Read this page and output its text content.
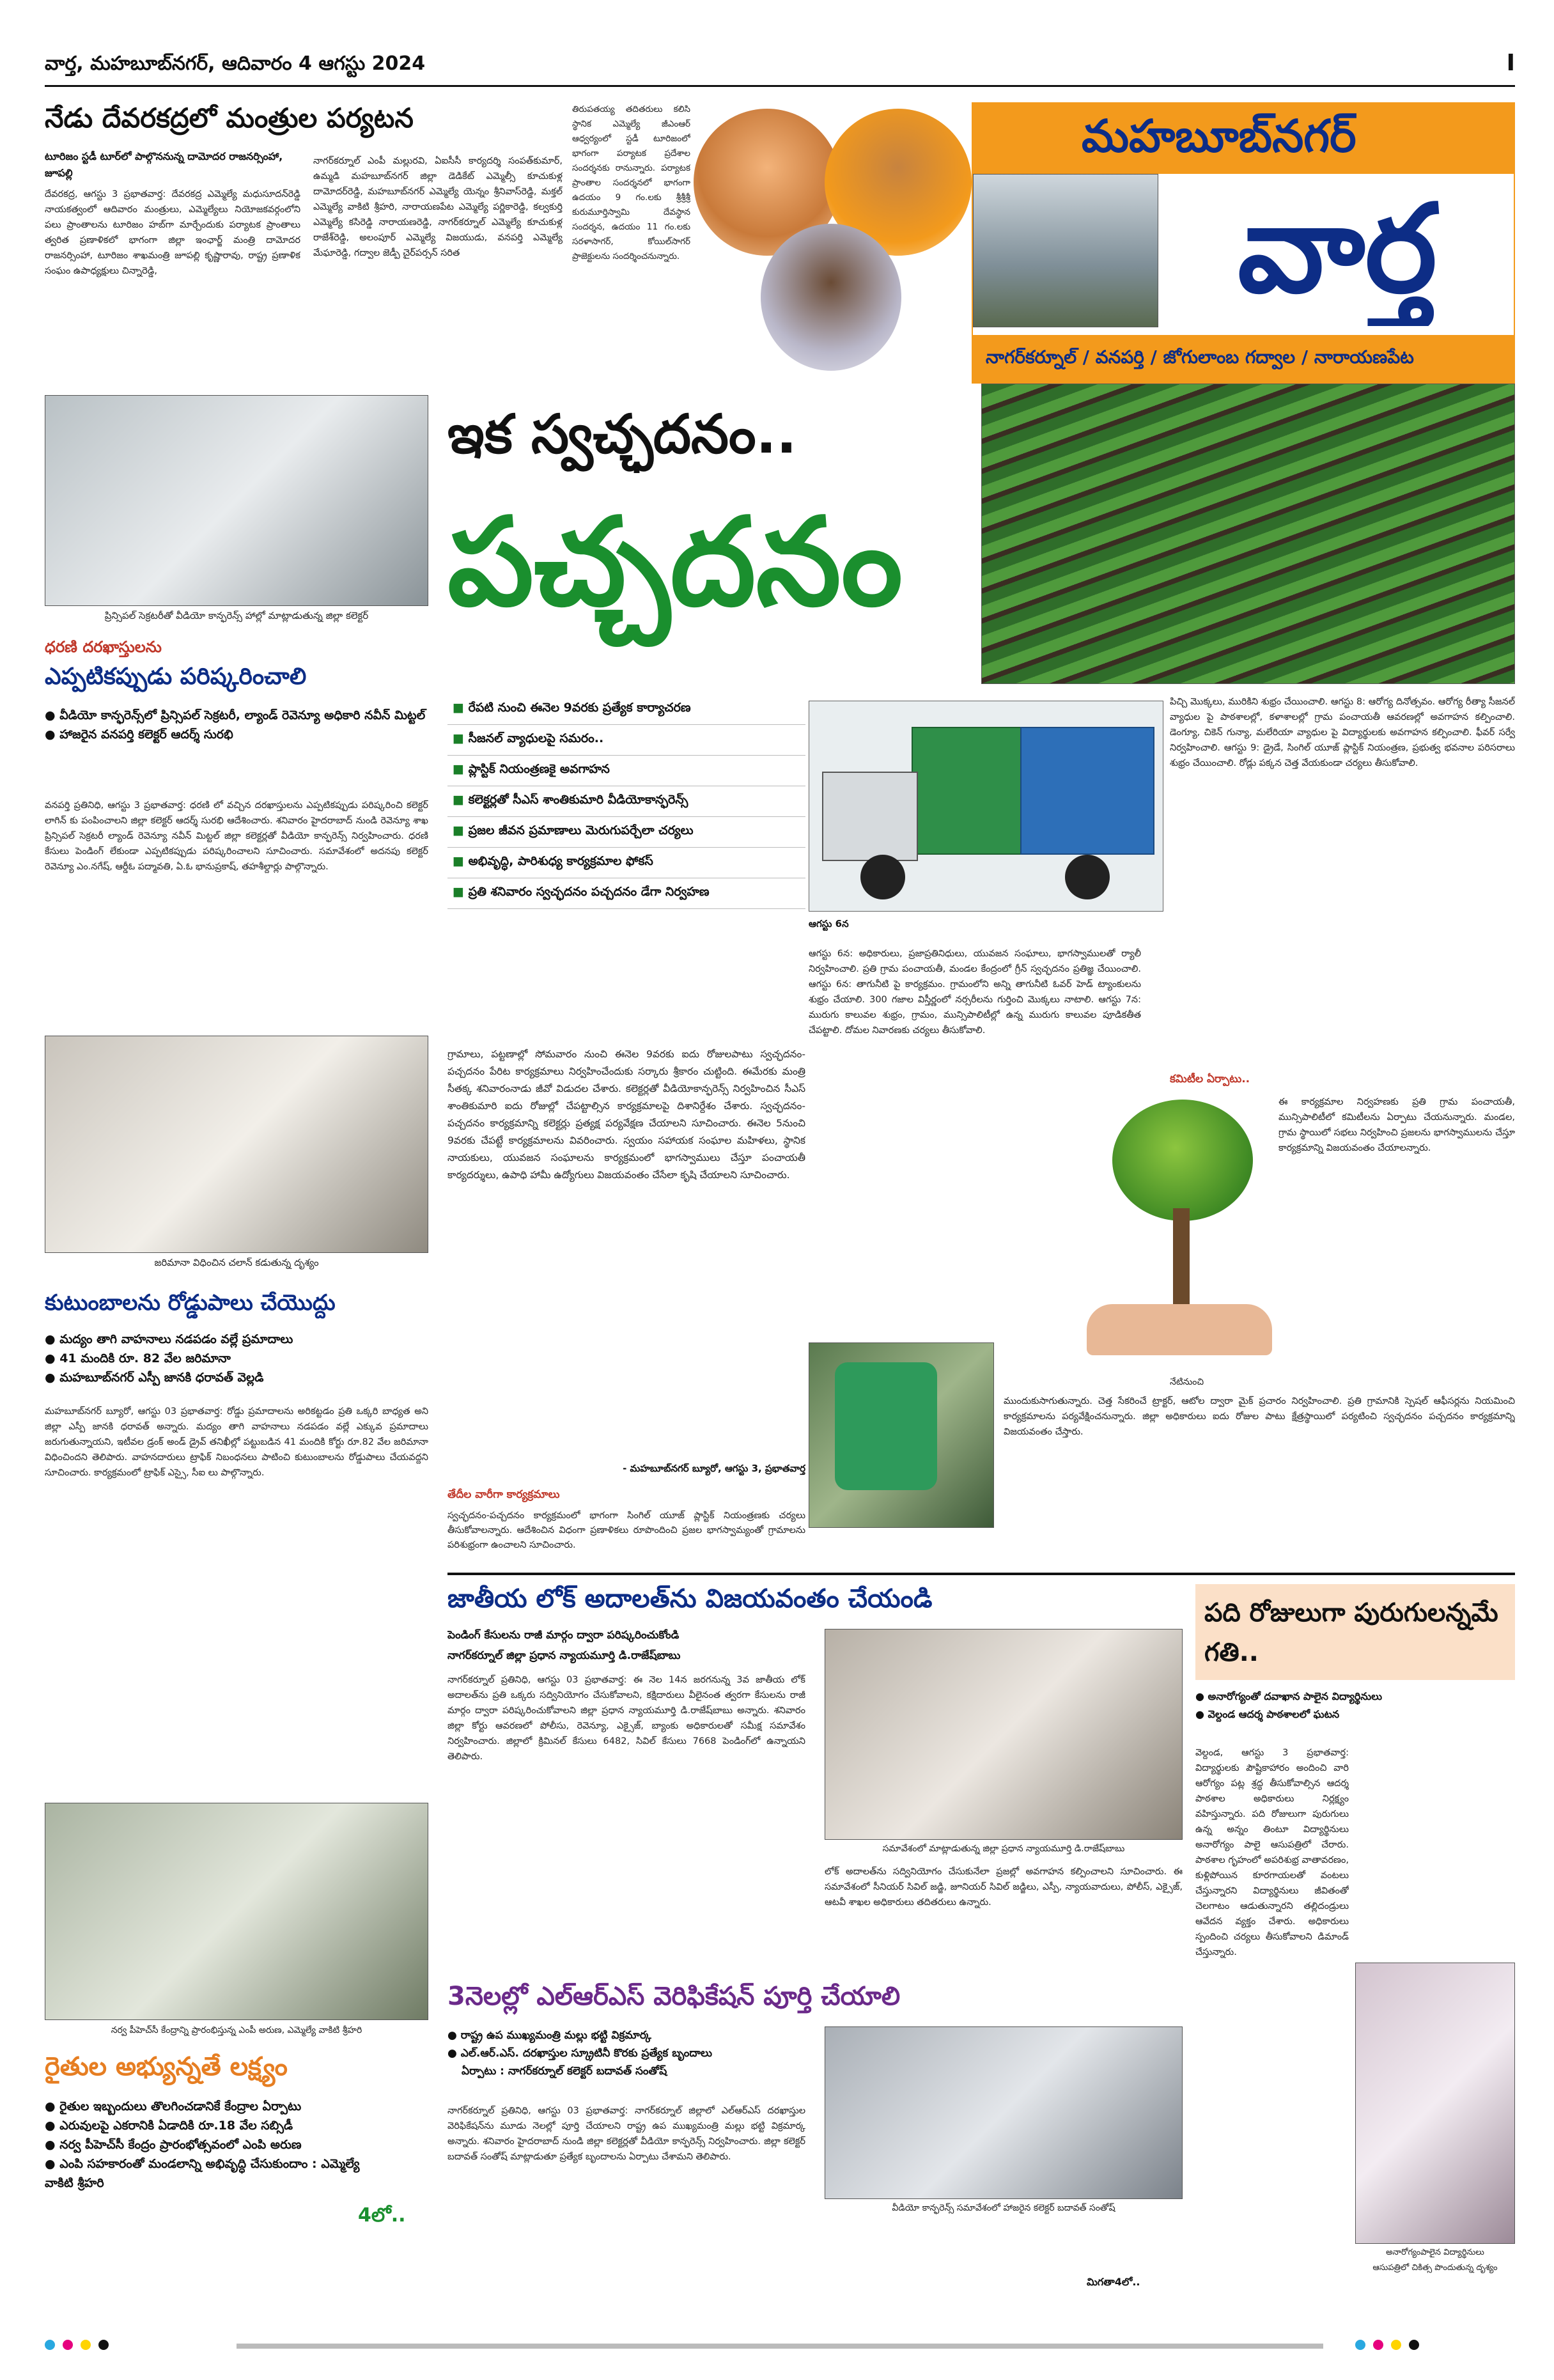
వార్త, మహబూబ్‌నగర్, ఆదివారం 4 ఆగస్టు 2024	I
నేడు దేవరకద్రలో మంత్రుల పర్యటన
టూరిజం స్టడీ టూర్‌లో పాల్గొననున్న దామోదర రాజనర్సింహా, జూపల్లి
దేవరకద్ర, ఆగస్టు 3 ప్రభాతవార్త: దేవరకద్ర ఎమ్మెల్యే మధుసూదన్‌రెడ్డి నాయకత్వంలో ఆదివారం మంత్రులు, ఎమ్మెల్యేలు నియోజకవర్గంలోని పలు ప్రాంతాలను టూరిజం హబ్‌గా మార్చేందుకు పర్యాటక ప్రాంతాలు త్వరిత ప్రణాళికలో భాగంగా జిల్లా ఇంఛార్జ్ మంత్రి దామోదర రాజనర్సింహా, టూరిజం శాఖమంత్రి జూపల్లి కృష్ణారావు, రాష్ట్ర ప్రణాళిక సంఘం ఉపాధ్యక్షులు చిన్నారెడ్డి,
నాగర్‌కర్నూల్ ఎంపీ మల్లురవి, ఏఐసీసీ కార్యదర్శి సంపత్‌కుమార్, ఉమ్మడి మహబూబ్‌నగర్ జిల్లా డెడికేట్ ఎమ్మెల్సీ కూచుకుళ్ల దామోదర్‌రెడ్డి, మహబూబ్‌నగర్ ఎమ్మెల్యే యెన్నం శ్రీనివాస్‌రెడ్డి, మక్తల్ ఎమ్మెల్యే వాకిటి శ్రీహరి, నారాయణపేట ఎమ్మెల్యే పర్ణికారెడ్డి, కల్వకుర్తి ఎమ్మెల్యే కసిరెడ్డి నారాయణరెడ్డి, నాగర్‌కర్నూల్ ఎమ్మెల్యే కూచుకుళ్ల రాజేశ్‌రెడ్డి, అలంపూర్ ఎమ్మెల్యే విజయుడు, వనపర్తి ఎమ్మెల్యే మేఘారెడ్డి, గద్వాల జెడ్పీ చైర్‌పర్సన్ సరిత
తిరుపతయ్య తదితరులు కలిసి స్థానిక ఎమ్మెల్యే జీఎంఆర్ ఆధ్వర్యంలో స్టడీ టూరిజంలో భాగంగా పర్యాటక ప్రదేశాల సందర్శనకు రానున్నారు. పర్యాటక ప్రాంతాల సందర్శనలో భాగంగా ఉదయం 9 గం.లకు శ్రీశ్రీశ్రీ కురుమూర్తిస్వామి దేవస్థాన సందర్శన, ఉదయం 11 గం.లకు సరళాసాగర్, కోయిల్‌సాగర్ ప్రాజెక్టులను సందర్శించనున్నారు.
మహబూబ్‌నగర్
వార్త
నాగర్‌కర్నూల్ / వనపర్తి / జోగులాంబ గద్వాల / నారాయణపేట
ప్రిన్సిపల్ సెక్రటరీతో వీడియో కాన్ఫరెన్స్ హాల్లో మాట్లాడుతున్న జిల్లా కలెక్టర్
ధరణి దరఖాస్తులను
ఎప్పటికప్పుడు పరిష్కరించాలి
● వీడియో కాన్ఫరెన్స్‌లో ప్రిన్సిపల్ సెక్రటరీ, ల్యాండ్ రెవెన్యూ అధికారి నవీన్ మిట్టల్
● హాజరైన వనపర్తి కలెక్టర్ ఆదర్శ్ సురభి
వనపర్తి ప్రతినిధి, ఆగస్టు 3 ప్రభాతవార్త: ధరణి లో వచ్చిన దరఖాస్తులను ఎప్పటికప్పుడు పరిష్కరించి కలెక్టర్ లాగిన్ కు పంపించాలని జిల్లా కలెక్టర్ ఆదర్శ్ సురభి ఆదేశించారు. శనివారం హైదరాబాద్ నుండి రెవెన్యూ శాఖ ప్రిన్సిపల్ సెక్రటరీ ల్యాండ్ రెవెన్యూ నవీన్ మిట్టల్ జిల్లా కలెక్టర్లతో వీడియో కాన్ఫరెన్స్ నిర్వహించారు. ధరణి కేసులు పెండింగ్ లేకుండా ఎప్పటికప్పుడు పరిష్కరించాలని సూచించారు. సమావేశంలో అదనపు కలెక్టర్ రెవెన్యూ ఎం.నగేష్, ఆర్డీఓ పద్మావతి, ఏ.ఓ భానుప్రకాష్, తహశీల్దార్లు పాల్గొన్నారు.
జరిమానా విధించిన చలాన్ కడుతున్న దృశ్యం
కుటుంబాలను రోడ్డుపాలు చేయొద్దు
● మద్యం తాగి వాహనాలు నడపడం వల్లే ప్రమాదాలు
● 41 మందికి రూ. 82 వేల జరిమానా
● మహబూబ్‌నగర్ ఎస్పీ జానకి ధరావత్ వెల్లడి
మహబూబ్‌నగర్ బ్యూరో, ఆగస్టు 03 ప్రభాతవార్త: రోడ్డు ప్రమాదాలను అరికట్టడం ప్రతి ఒక్కరి బాధ్యత అని జిల్లా ఎస్పీ జానకి ధరావత్ అన్నారు. మద్యం తాగి వాహనాలు నడపడం వల్లే ఎక్కువ ప్రమాదాలు జరుగుతున్నాయని, ఇటీవల డ్రంక్ అండ్ డ్రైవ్ తనిఖీల్లో పట్టుబడిన 41 మందికి కోర్టు రూ.82 వేల జరిమానా విధించిందని తెలిపారు. వాహనదారులు ట్రాఫిక్ నిబంధనలు పాటించి కుటుంబాలను రోడ్డుపాలు చేయవద్దని సూచించారు. కార్యక్రమంలో ట్రాఫిక్ ఎస్సై, సీఐ లు పాల్గొన్నారు.
నర్వ పీహెచ్‌సీ కేంద్రాన్ని ప్రారంభిస్తున్న ఎంపీ అరుణ, ఎమ్మెల్యే వాకిటి శ్రీహరి
రైతుల అభ్యున్నతే లక్ష్యం
● రైతుల ఇబ్బందులు తొలగించడానికే కేంద్రాల ఏర్పాటు
● ఎరువులపై ఎకరానికి ఏడాదికి రూ.18 వేల సబ్సిడీ
● నర్వ పీహెచ్‌సీ కేంద్రం ప్రారంభోత్సవంలో ఎంపి అరుణ
● ఎంపి సహకారంతో మండలాన్ని అభివృద్ధి చేసుకుందాం : ఎమ్మెల్యే వాకిటి శ్రీహరి
4లో..
ఇక స్వచ్ఛదనం..
పచ్చదనం
■ రేపటి నుంచి ఈనెల 9వరకు ప్రత్యేక కార్యాచరణ
■ సీజనల్ వ్యాధులపై సమరం..
■ ప్లాస్టిక్ నియంత్రణకై అవగాహన
■ కలెక్టర్లతో సీఎస్ శాంతికుమారి వీడియోకాన్ఫరెన్స్
■ ప్రజల జీవన ప్రమాణాలు మెరుగుపర్చేలా చర్యలు
■ అభివృద్ధి, పారిశుధ్య కార్యక్రమాల ఫోకస్
■ ప్రతి శనివారం స్వచ్ఛదనం పచ్చదనం డేగా నిర్వహణ
ఆగస్టు 6న
గ్రామాలు, పట్టణాల్లో సోమవారం నుంచి ఈనెల 9వరకు ఐదు రోజులపాటు స్వచ్ఛదనం-పచ్చదనం పేరిట కార్యక్రమాలు నిర్వహించేందుకు సర్కారు శ్రీకారం చుట్టింది. ఈమేరకు మంత్రి సీతక్క శనివారంనాడు జీవో విడుదల చేశారు. కలెక్టర్లతో వీడియోకాన్ఫరెన్స్ నిర్వహించిన సీఎస్ శాంతికుమారి ఐదు రోజుల్లో చేపట్టాల్సిన కార్యక్రమాలపై దిశానిర్దేశం చేశారు. స్వచ్ఛదనం-పచ్చదనం కార్యక్రమాన్ని కలెక్టర్లు ప్రత్యక్ష పర్యవేక్షణ చేయాలని సూచించారు. ఈనెల 5నుంచి 9వరకు చేపట్టే కార్యక్రమాలను వివరించారు. స్వయం సహాయక సంఘాల మహిళలు, స్థానిక నాయకులు, యువజన సంఘాలను కార్యక్రమంలో భాగస్వాములు చేస్తూ పంచాయతీ కార్యదర్శులు, ఉపాధి హామీ ఉద్యోగులు విజయవంతం చేసేలా కృషి చేయాలని సూచించారు.
- మహబూబ్‌నగర్ బ్యూరో, ఆగస్టు 3, ప్రభాతవార్త
తేదీల వారీగా కార్యక్రమాలు
స్వచ్ఛదనం-పచ్చదనం కార్యక్రమంలో భాగంగా సింగిల్ యూజ్ ప్లాస్టిక్ నియంత్రణకు చర్యలు తీసుకోవాలన్నారు. ఆదేశించిన విధంగా ప్రణాళికలు రూపొందించి ప్రజల భాగస్వామ్యంతో గ్రామాలను పరిశుభ్రంగా ఉంచాలని సూచించారు.
ఆగస్టు 6న: అధికారులు, ప్రజాప్రతినిధులు, యువజన సంఘాలు, భాగస్వాములతో ర్యాలీ నిర్వహించాలి. ప్రతి గ్రామ పంచాయతీ, మండల కేంద్రంలో గ్రీన్ స్వచ్ఛదనం ప్రతిజ్ఞ చేయించాలి. ఆగస్టు 6న: తాగునీటి పై కార్యక్రమం. గ్రామంలోని అన్ని తాగునీటి ఓవర్ హెడ్ ట్యాంకులను శుభ్రం చేయాలి. 300 గజాల విస్తీర్ణంలో నర్సరీలను గుర్తించి మొక్కలు నాటాలి. ఆగస్టు 7న: మురుగు కాలువల శుభ్రం, గ్రామం, మున్సిపాలిటీల్లో ఉన్న మురుగు కాలువల పూడికతీత చేపట్టాలి. దోమల నివారణకు చర్యలు తీసుకోవాలి.
పిచ్చి మొక్కలు, మురికిని శుభ్రం చేయించాలి. ఆగస్టు 8: ఆరోగ్య దినోత్సవం. ఆరోగ్య రీత్యా సీజనల్ వ్యాధుల పై పాఠశాలల్లో, కళాశాలల్లో గ్రామ పంచాయతీ ఆవరణల్లో అవగాహన కల్పించాలి. డెంగ్యూ, చికెన్ గున్యా, మలేరియా వ్యాధుల పై విద్యార్థులకు అవగాహన కల్పించాలి. ఫీవర్ సర్వే నిర్వహించాలి. ఆగస్టు 9: డ్రైడే, సింగిల్ యూజ్ ప్లాస్టిక్ నియంత్రణ, ప్రభుత్వ భవనాల పరిసరాలు శుభ్రం చేయించాలి. రోడ్లు పక్కన చెత్త వేయకుండా చర్యలు తీసుకోవాలి.
కమిటీల ఏర్పాటు..
ఈ కార్యక్రమాల నిర్వహణకు ప్రతి గ్రామ పంచాయతీ, మున్సిపాలిటీలో కమిటీలను ఏర్పాటు చేయనున్నారు. మండల, గ్రామ స్థాయిలో సభలు నిర్వహించి ప్రజలను భాగస్వాములను చేస్తూ కార్యక్రమాన్ని విజయవంతం చేయాలన్నారు.
నేటినుంచి
ముందుకుసాగుతున్నారు. చెత్త సేకరించే ట్రాక్టర్, ఆటోల ద్వారా మైక్ ప్రచారం నిర్వహించాలి. ప్రతి గ్రామానికి స్పెషల్ ఆఫీసర్లను నియమించి కార్యక్రమాలను పర్యవేక్షించనున్నారు. జిల్లా అధికారులు ఐదు రోజుల పాటు క్షేత్రస్థాయిలో పర్యటించి స్వచ్ఛదనం పచ్చదనం కార్యక్రమాన్ని విజయవంతం చేస్తారు.
జాతీయ లోక్ అదాలత్‌ను విజయవంతం చేయండి
పెండింగ్ కేసులను రాజీ మార్గం ద్వారా పరిష్కరించుకోండి
నాగర్‌కర్నూల్ జిల్లా ప్రధాన న్యాయమూర్తి డి.రాజేష్‌బాబు
నాగర్‌కర్నూల్ ప్రతినిధి, ఆగస్టు 03 ప్రభాతవార్త: ఈ నెల 14న జరగనున్న 3వ జాతీయ లోక్ అదాలత్‌ను ప్రతి ఒక్కరు సద్వినియోగం చేసుకోవాలని, కక్షిదారులు వీలైనంత త్వరగా కేసులను రాజీ మార్గం ద్వారా పరిష్కరించుకోవాలని జిల్లా ప్రధాన న్యాయమూర్తి డి.రాజేష్‌బాబు అన్నారు. శనివారం జిల్లా కోర్టు ఆవరణలో పోలీసు, రెవెన్యూ, ఎక్సైజ్, బ్యాంకు అధికారులతో సమీక్ష సమావేశం నిర్వహించారు. జిల్లాలో క్రిమినల్ కేసులు 6482, సివిల్ కేసులు 7668 పెండింగ్‌లో ఉన్నాయని తెలిపారు.
సమావేశంలో మాట్లాడుతున్న జిల్లా ప్రధాన న్యాయమూర్తి డి.రాజేష్‌బాబు
లోక్ అదాలత్‌ను సద్వినియోగం చేసుకునేలా ప్రజల్లో అవగాహన కల్పించాలని సూచించారు. ఈ సమావేశంలో సీనియర్ సివిల్ జడ్జి, జూనియర్ సివిల్ జడ్జిలు, ఎస్పీ, న్యాయవాదులు, పోలీస్, ఎక్సైజ్, ఆటవీ శాఖల అధికారులు తదితరులు ఉన్నారు.
3నెలల్లో ఎల్ఆర్ఎస్ వెరిఫికేషన్ పూర్తి చేయాలి
● రాష్ట్ర ఉప ముఖ్యమంత్రి మల్లు భట్టి విక్రమార్క
● ఎల్.ఆర్.ఎస్. దరఖాస్తుల స్క్రూటినీ కొరకు ప్రత్యేక బృందాలు
ఏర్పాటు : నాగర్‌కర్నూల్ కలెక్టర్ బదావత్ సంతోష్
నాగర్‌కర్నూల్ ప్రతినిధి, ఆగస్టు 03 ప్రభాతవార్త: నాగర్‌కర్నూల్ జిల్లాలో ఎల్ఆర్ఎస్ దరఖాస్తుల వెరిఫికేషన్‌ను మూడు నెలల్లో పూర్తి చేయాలని రాష్ట్ర ఉప ముఖ్యమంత్రి మల్లు భట్టి విక్రమార్క అన్నారు. శనివారం హైదరాబాద్ నుండి జిల్లా కలెక్టర్లతో వీడియో కాన్ఫరెన్స్ నిర్వహించారు. జిల్లా కలెక్టర్ బదావత్ సంతోష్ మాట్లాడుతూ ప్రత్యేక బృందాలను ఏర్పాటు చేశామని తెలిపారు.
వీడియో కాన్ఫరెన్స్ సమావేశంలో హాజరైన కలెక్టర్ బదావత్ సంతోష్
మిగతా4లో..
పది రోజులుగా పురుగులన్నమే గతి..
● అనారోగ్యంతో దవాఖాన పాలైన విద్యార్థినులు
● వెల్దండ ఆదర్శ పాఠశాలలో ఘటన
వెల్దండ, ఆగస్టు 3 ప్రభాతవార్త: విద్యార్థులకు పౌష్టికాహారం అందించి వారి ఆరోగ్యం పట్ల శ్రద్ధ తీసుకోవాల్సిన ఆదర్శ పాఠశాల అధికారులు నిర్లక్ష్యం వహిస్తున్నారు. పది రోజులుగా పురుగులు ఉన్న అన్నం తింటూ విద్యార్థినులు అనారోగ్యం పాలై ఆసుపత్రిలో చేరారు. పాఠశాల గృహంలో అపరిశుభ్ర వాతావరణం, కుళ్లిపోయిన కూరగాయలతో వంటలు చేస్తున్నారని విద్యార్థినులు జీవితంతో చెలగాటం ఆడుతున్నారని తల్లిదండ్రులు ఆవేదన వ్యక్తం చేశారు. అధికారులు స్పందించి చర్యలు తీసుకోవాలని డిమాండ్ చేస్తున్నారు.
అనారోగ్యంపాలైన విద్యార్థినులు
ఆసుపత్రిలో చికిత్స పొందుతున్న దృశ్యం
